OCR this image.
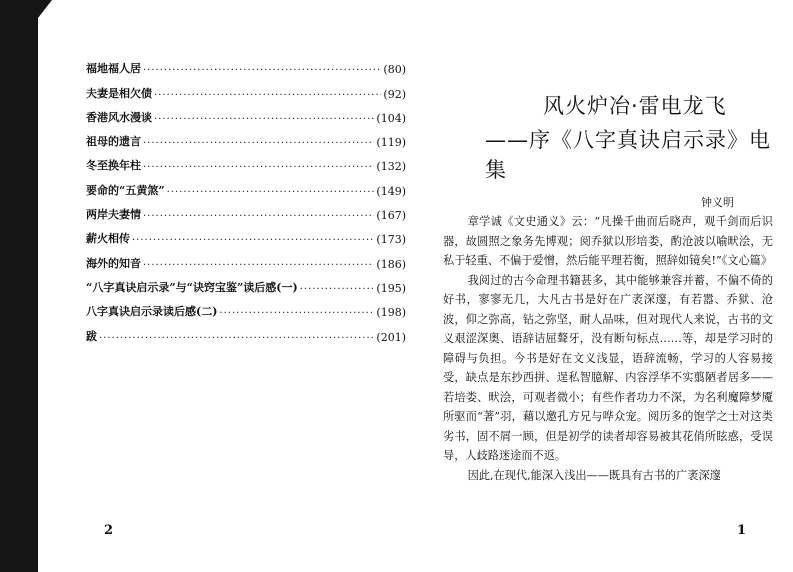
福地福人居 ·····	(80)
夫妻是相欠债 ·····	(92)
香港风水漫谈 ·····	(104)
祖母的遗言 ·····	(119)
冬至换年柱 ·····	(132)
要命的“五黄煞” ·····	(149)
两岸夫妻情 ·····	(167)
薪火相传 ·····	(173)
海外的知音 ·····	(186)
“八字真诀启示录”与“诀窍宝鉴”读后感(一) ·····	(195)
八字真诀启示录读后感(二) ·····	(198)
跋 ·····	(201)
2
风火炉冶·雷电龙飞
——序《八字真诀启示录》电集
钟义明

章学诚《文史通义》云：“凡操千曲而后晓声，观千剑而后识器，故圆照之象务先博观；阅乔狱以形培娄，酌沧波以喻畎浍，无私于轻重、不偏于爱憎，然后能平理若衡，照辞如镜矣!”《文心篇》

我阅过的古今命理书籍甚多，其中能够兼容并蓄，不偏不倚的好书，寥寥无几，大凡古书是好在广袤深邃，有若嚣、乔狱、沧波，仰之弥高，钻之弥坚，耐人品味，但对现代人来说，古书的文义艰涩深奥、语辞诘屈聱牙，没有断句标点……等，却是学习时的障碍与负担。今书是好在文义浅显，语辞流畅，学习的人容易接受，缺点是东抄西拼、逞私智臆解、内容浮华不实翦陋者居多——若培娄、畎浍，可观者微小；有些作者功力不深，为名利魔障梦魇所驱而“著”羽，藉以邀孔方兄与哗众宠。阅历多的饱学之士对这类劣书，固不屑一顾，但是初学的读者却容易被其花俏所眩惑，受误导，人歧路迷途而不返。

因此,在现代,能深入浅出——既具有古书的广袤深邃

1
